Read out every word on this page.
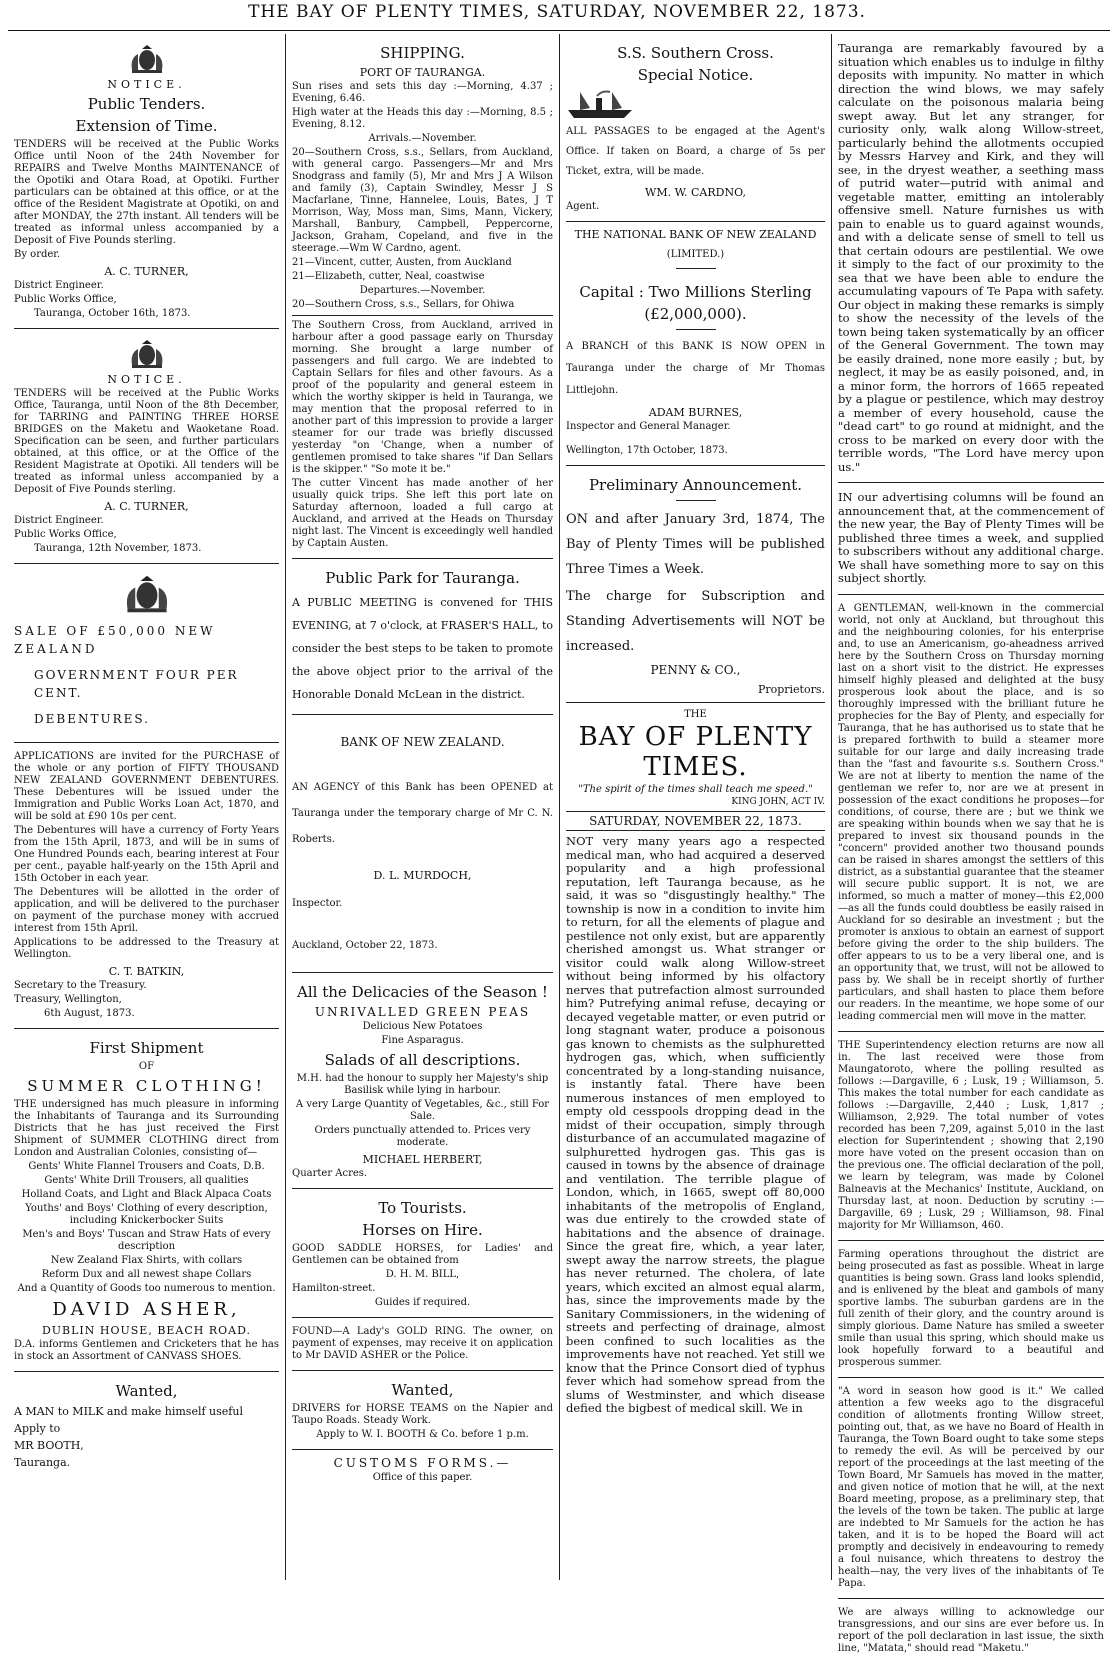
THE BAY OF PLENTY TIMES, SATURDAY, NOVEMBER 22, 1873.
NOTICE.
Public Tenders.
Extension of Time.

TENDERS will be received at the Public Works Office until Noon of the 24th November for REPAIRS and Twelve Months MAINTENANCE of the Opotiki and Otara Road, at Opotiki. Further particulars can be obtained at this office, or at the office of the Resident Magistrate at Opotiki, on and after MONDAY, the 27th instant. All tenders will be treated as informal unless accompanied by a Deposit of Five Pounds sterling.

By order.

A. C. TURNER,
District Engineer.
Public Works Office,
Tauranga, October 16th, 1873.
NOTICE.

TENDERS will be received at the Public Works Office, Tauranga, until Noon of the 8th December, for TARRING and PAINTING THREE HORSE BRIDGES on the Maketu and Waoketane Road. Specification can be seen, and further particulars obtained, at this office, or at the Office of the Resident Magistrate at Opotiki. All tenders will be treated as informal unless accompanied by a Deposit of Five Pounds sterling.

A. C. TURNER,
District Engineer.
Public Works Office,
Tauranga, 12th November, 1873.
SALE OF £50,000 NEW ZEALAND
GOVERNMENT FOUR PER CENT.
DEBENTURES.

APPLICATIONS are invited for the PURCHASE of the whole or any portion of FIFTY THOUSAND NEW ZEALAND GOVERNMENT DEBENTURES. These Debentures will be issued under the Immigration and Public Works Loan Act, 1870, and will be sold at £90 10s per cent.

The Debentures will have a currency of Forty Years from the 15th April, 1873, and will be in sums of One Hundred Pounds each, bearing interest at Four per cent., payable half-yearly on the 15th April and 15th October in each year.

The Debentures will be allotted in the order of application, and will be delivered to the purchaser on payment of the purchase money with accrued interest from 15th April.

Applications to be addressed to the Treasury at Wellington.

C. T. BATKIN,
Secretary to the Treasury.
Treasury, Wellington,
6th August, 1873.
First Shipment
OF
SUMMER CLOTHING!

THE undersigned has much pleasure in informing the Inhabitants of Tauranga and its Surrounding Districts that he has just received the First Shipment of SUMMER CLOTHING direct from London and Australian Colonies, consisting of—

Gents' White Flannel Trousers and Coats, D.B.
Gents' White Drill Trousers, all qualities
Holland Coats, and Light and Black Alpaca Coats
Youths' and Boys' Clothing of every description, including Knickerbocker Suits
Men's and Boys' Tuscan and Straw Hats of every description
New Zealand Flax Shirts, with collars
Reform Dux and all newest shape Collars
And a Quantity of Goods too numerous to mention.
DAVID ASHER,
DUBLIN HOUSE, BEACH ROAD.

D.A. informs Gentlemen and Cricketers that he has in stock an Assortment of CANVASS SHOES.

Wanted,

A MAN to MILK and make himself useful

Apply to
MR BOOTH,
Tauranga.
SHIPPING.
PORT OF TAURANGA.

Sun rises and sets this day :—Morning, 4.37 ; Evening, 6.46.

High water at the Heads this day :—Morning, 8.5 ; Evening, 8.12.

Arrivals.—November.

20—Southern Cross, s.s., Sellars, from Auckland, with general cargo. Passengers—Mr and Mrs Snodgrass and family (5), Mr and Mrs J A Wilson and family (3), Captain Swindley, Messr J S Macfarlane, Tinne, Hannelee, Louis, Bates, J T Morrison, Way, Moss man, Sims, Mann, Vickery, Marshall, Banbury, Campbell, Peppercorne, Jackson, Graham, Copeland, and five in the steerage.—Wm W Cardno, agent.

21—Vincent, cutter, Austen, from Auckland

21—Elizabeth, cutter, Neal, coastwise

Departures.—November.

20—Southern Cross, s.s., Sellars, for Ohiwa

The Southern Cross, from Auckland, arrived in harbour after a good passage early on Thursday morning. She brought a large number of passengers and full cargo. We are indebted to Captain Sellars for files and other favours. As a proof of the popularity and general esteem in which the worthy skipper is held in Tauranga, we may mention that the proposal referred to in another part of this impression to provide a larger steamer for our trade was briefly discussed yesterday "on 'Change, when a number of gentlemen promised to take shares "if Dan Sellars is the skipper." "So mote it be."

The cutter Vincent has made another of her usually quick trips. She left this port late on Saturday afternoon, loaded a full cargo at Auckland, and arrived at the Heads on Thursday night last. The Vincent is exceedingly well handled by Captain Austen.

Public Park for Tauranga.

A PUBLIC MEETING is convened for THIS EVENING, at 7 o'clock, at FRASER'S HALL, to consider the best steps to be taken to promote the above object prior to the arrival of the Honorable Donald McLean in the district.

BANK OF NEW ZEALAND.

AN AGENCY of this Bank has been OPENED at Tauranga under the temporary charge of Mr C. N. Roberts.

D. L. MURDOCH,
Inspector.
Auckland, October 22, 1873.
All the Delicacies of the Season !
UNRIVALLED GREEN PEAS
Delicious New Potatoes
Fine Asparagus.
Salads of all descriptions.

M.H. had the honour to supply her Majesty's ship Basilisk while lying in harbour.

A very Large Quantity of Vegetables, &c., still For Sale.

Orders punctually attended to. Prices very moderate.

MICHAEL HERBERT,
Quarter Acres.
To Tourists.
Horses on Hire.

GOOD SADDLE HORSES, for Ladies' and Gentlemen can be obtained from

D. H. M. BILL,
Hamilton-street.
Guides if required.

FOUND—A Lady's GOLD RING. The owner, on payment of expenses, may receive it on application to Mr DAVID ASHER or the Police.

Wanted,

DRIVERS for HORSE TEAMS on the Napier and Taupo Roads. Steady Work.

Apply to W. I. BOOTH & Co. before 1 p.m.
CUSTOMS FORMS.—
Office of this paper.
S.S. Southern Cross.
Special Notice.

ALL PASSAGES to be engaged at the Agent's Office. If taken on Board, a charge of 5s per Ticket, extra, will be made.

WM. W. CARDNO,
Agent.
THE NATIONAL BANK OF NEW ZEALAND
(LIMITED.)
Capital : Two Millions Sterling
(£2,000,000).

A BRANCH of this BANK IS NOW OPEN in Tauranga under the charge of Mr Thomas Littlejohn.

ADAM BURNES,
Inspector and General Manager.
Wellington, 17th October, 1873.
Preliminary Announcement.

ON and after January 3rd, 1874, The Bay of Plenty Times will be published Three Times a Week.

The charge for Subscription and Standing Advertisements will NOT be increased.

PENNY & CO.,
Proprietors.
THE
BAY OF PLENTY TIMES.
"The spirit of the times shall teach me speed."
KING JOHN, ACT IV.
SATURDAY, NOVEMBER 22, 1873.

NOT very many years ago a respected medical man, who had acquired a deserved popularity and a high professional reputation, left Tauranga because, as he said, it was so "disgustingly healthy." The township is now in a condition to invite him to return, for all the elements of plague and pestilence not only exist, but are apparently cherished amongst us. What stranger or visitor could walk along Willow-street without being informed by his olfactory nerves that putrefaction almost surrounded him? Putrefying animal refuse, decaying or decayed vegetable matter, or even putrid or long stagnant water, produce a poisonous gas known to chemists as the sulphuretted hydrogen gas, which, when sufficiently concentrated by a long-standing nuisance, is instantly fatal. There have been numerous instances of men employed to empty old cesspools dropping dead in the midst of their occupation, simply through disturbance of an accumulated magazine of sulphuretted hydrogen gas. This gas is caused in towns by the absence of drainage and ventilation. The terrible plague of London, which, in 1665, swept off 80,000 inhabitants of the metropolis of England, was due entirely to the crowded state of habitations and the absence of drainage. Since the great fire, which, a year later, swept away the narrow streets, the plague has never returned. The cholera, of late years, which excited an almost equal alarm, has, since the improvements made by the Sanitary Commissioners, in the widening of streets and perfecting of drainage, almost been confined to such localities as the improvements have not reached. Yet still we know that the Prince Consort died of typhus fever which had somehow spread from the slums of Westminster, and which disease defied the bigbest of medical skill. We in

Tauranga are remarkably favoured by a situation which enables us to indulge in filthy deposits with impunity. No matter in which direction the wind blows, we may safely calculate on the poisonous malaria being swept away. But let any stranger, for curiosity only, walk along Willow-street, particularly behind the allotments occupied by Messrs Harvey and Kirk, and they will see, in the dryest weather, a seething mass of putrid water—putrid with animal and vegetable matter, emitting an intolerably offensive smell. Nature furnishes us with pain to enable us to guard against wounds, and with a delicate sense of smell to tell us that certain odours are pestilential. We owe it simply to the fact of our proximity to the sea that we have been able to endure the accumulating vapours of Te Papa with safety. Our object in making these remarks is simply to show the necessity of the levels of the town being taken systematically by an officer of the General Government. The town may be easily drained, none more easily ; but, by neglect, it may be as easily poisoned, and, in a minor form, the horrors of 1665 repeated by a plague or pestilence, which may destroy a member of every household, cause the "dead cart" to go round at midnight, and the cross to be marked on every door with the terrible words, "The Lord have mercy upon us."

IN our advertising columns will be found an announcement that, at the commencement of the new year, the Bay of Plenty Times will be published three times a week, and supplied to subscribers without any additional charge. We shall have something more to say on this subject shortly.

A GENTLEMAN, well-known in the commercial world, not only at Auckland, but throughout this and the neighbouring colonies, for his enterprise and, to use an Americanism, go-aheadness arrived here by the Southern Cross on Thursday morning last on a short visit to the district. He expresses himself highly pleased and delighted at the busy prosperous look about the place, and is so thoroughly impressed with the brilliant future he prophecies for the Bay of Plenty, and especially for Tauranga, that he has authorised us to state that he is prepared forthwith to build a steamer more suitable for our large and daily increasing trade than the "fast and favourite s.s. Southern Cross." We are not at liberty to mention the name of the gentleman we refer to, nor are we at present in possession of the exact conditions he proposes—for conditions, of course, there are ; but we think we are speaking within bounds when we say that he is prepared to invest six thousand pounds in the "concern" provided another two thousand pounds can be raised in shares amongst the settlers of this district, as a substantial guarantee that the steamer will secure public support. It is not, we are informed, so much a matter of money—this £2,000—as all the funds could doubtless be easily raised in Auckland for so desirable an investment ; but the promoter is anxious to obtain an earnest of support before giving the order to the ship builders. The offer appears to us to be a very liberal one, and is an opportunity that, we trust, will not be allowed to pass by. We shall be in receipt shortly of further particulars, and shall hasten to place them before our readers. In the meantime, we hope some of our leading commercial men will move in the matter.

THE Superintendency election returns are now all in. The last received were those from Maungatoroto, where the polling resulted as follows :—Dargaville, 6 ; Lusk, 19 ; Williamson, 5. This makes the total number for each candidate as follows :—Dargaville, 2,440 ; Lusk, 1,817 ; Williamson, 2,929. The total number of votes recorded has been 7,209, against 5,010 in the last election for Superintendent ; showing that 2,190 more have voted on the present occasion than on the previous one. The official declaration of the poll, we learn by telegram, was made by Colonel Balneavis at the Mechanics' Institute, Auckland, on Thursday last, at noon. Deduction by scrutiny :—Dargaville, 69 ; Lusk, 29 ; Williamson, 98. Final majority for Mr Williamson, 460.

Farming operations throughout the district are being prosecuted as fast as possible. Wheat in large quantities is being sown. Grass land looks splendid, and is enlivened by the bleat and gambols of many sportive lambs. The suburban gardens are in the full zenith of their glory, and the country around is simply glorious. Dame Nature has smiled a sweeter smile than usual this spring, which should make us look hopefully forward to a beautiful and prosperous summer.

"A word in season how good is it." We called attention a few weeks ago to the disgraceful condition of allotments fronting Willow street, pointing out, that, as we have no Board of Health in Tauranga, the Town Board ought to take some steps to remedy the evil. As will be perceived by our report of the proceedings at the last meeting of the Town Board, Mr Samuels has moved in the matter, and given notice of motion that he will, at the next Board meeting, propose, as a preliminary step, that the levels of the town be taken. The public at large are indebted to Mr Samuels for the action he has taken, and it is to be hoped the Board will act promptly and decisively in endeavouring to remedy a foul nuisance, which threatens to destroy the health—nay, the very lives of the inhabitants of Te Papa.

We are always willing to acknowledge our transgressions, and our sins are ever before us. In report of the poll declaration in last issue, the sixth line, "Matata," should read "Maketu."
